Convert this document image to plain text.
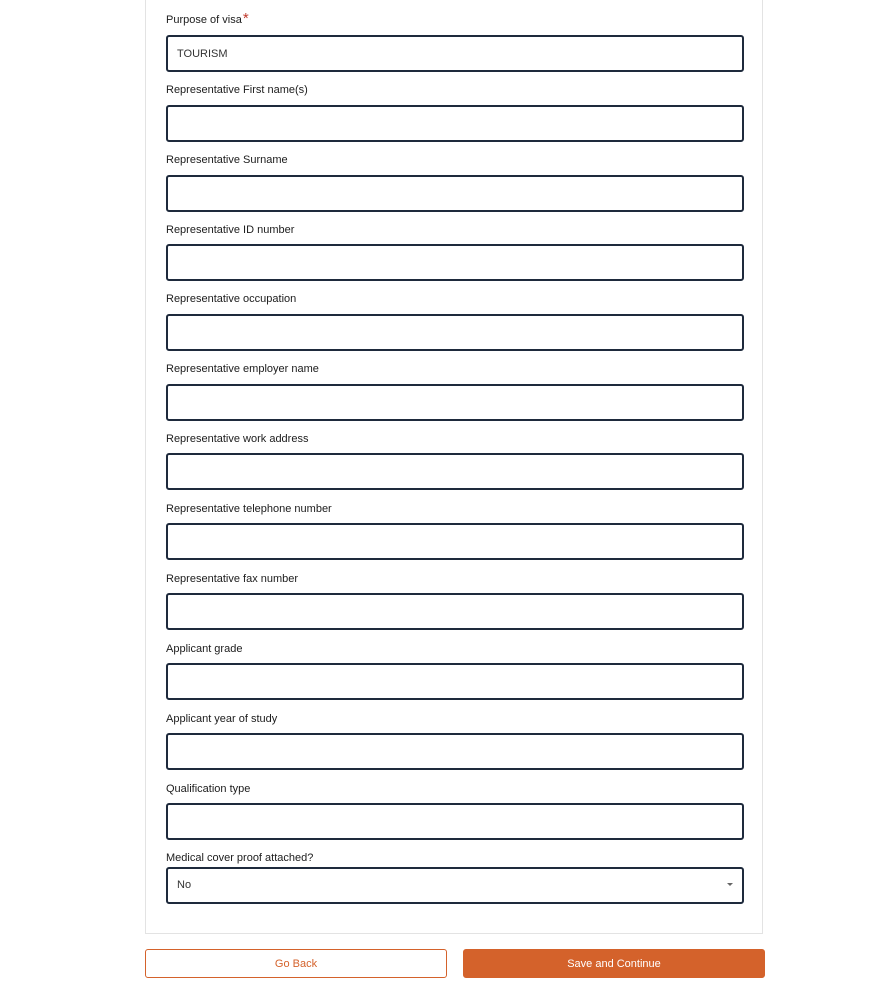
Purpose of visa*
TOURISM
Representative First name(s)
Representative Surname
Representative ID number
Representative occupation
Representative employer name
Representative work address
Representative telephone number
Representative fax number
Applicant grade
Applicant year of study
Qualification type
Medical cover proof attached?
No
Go Back	Save and Continue
